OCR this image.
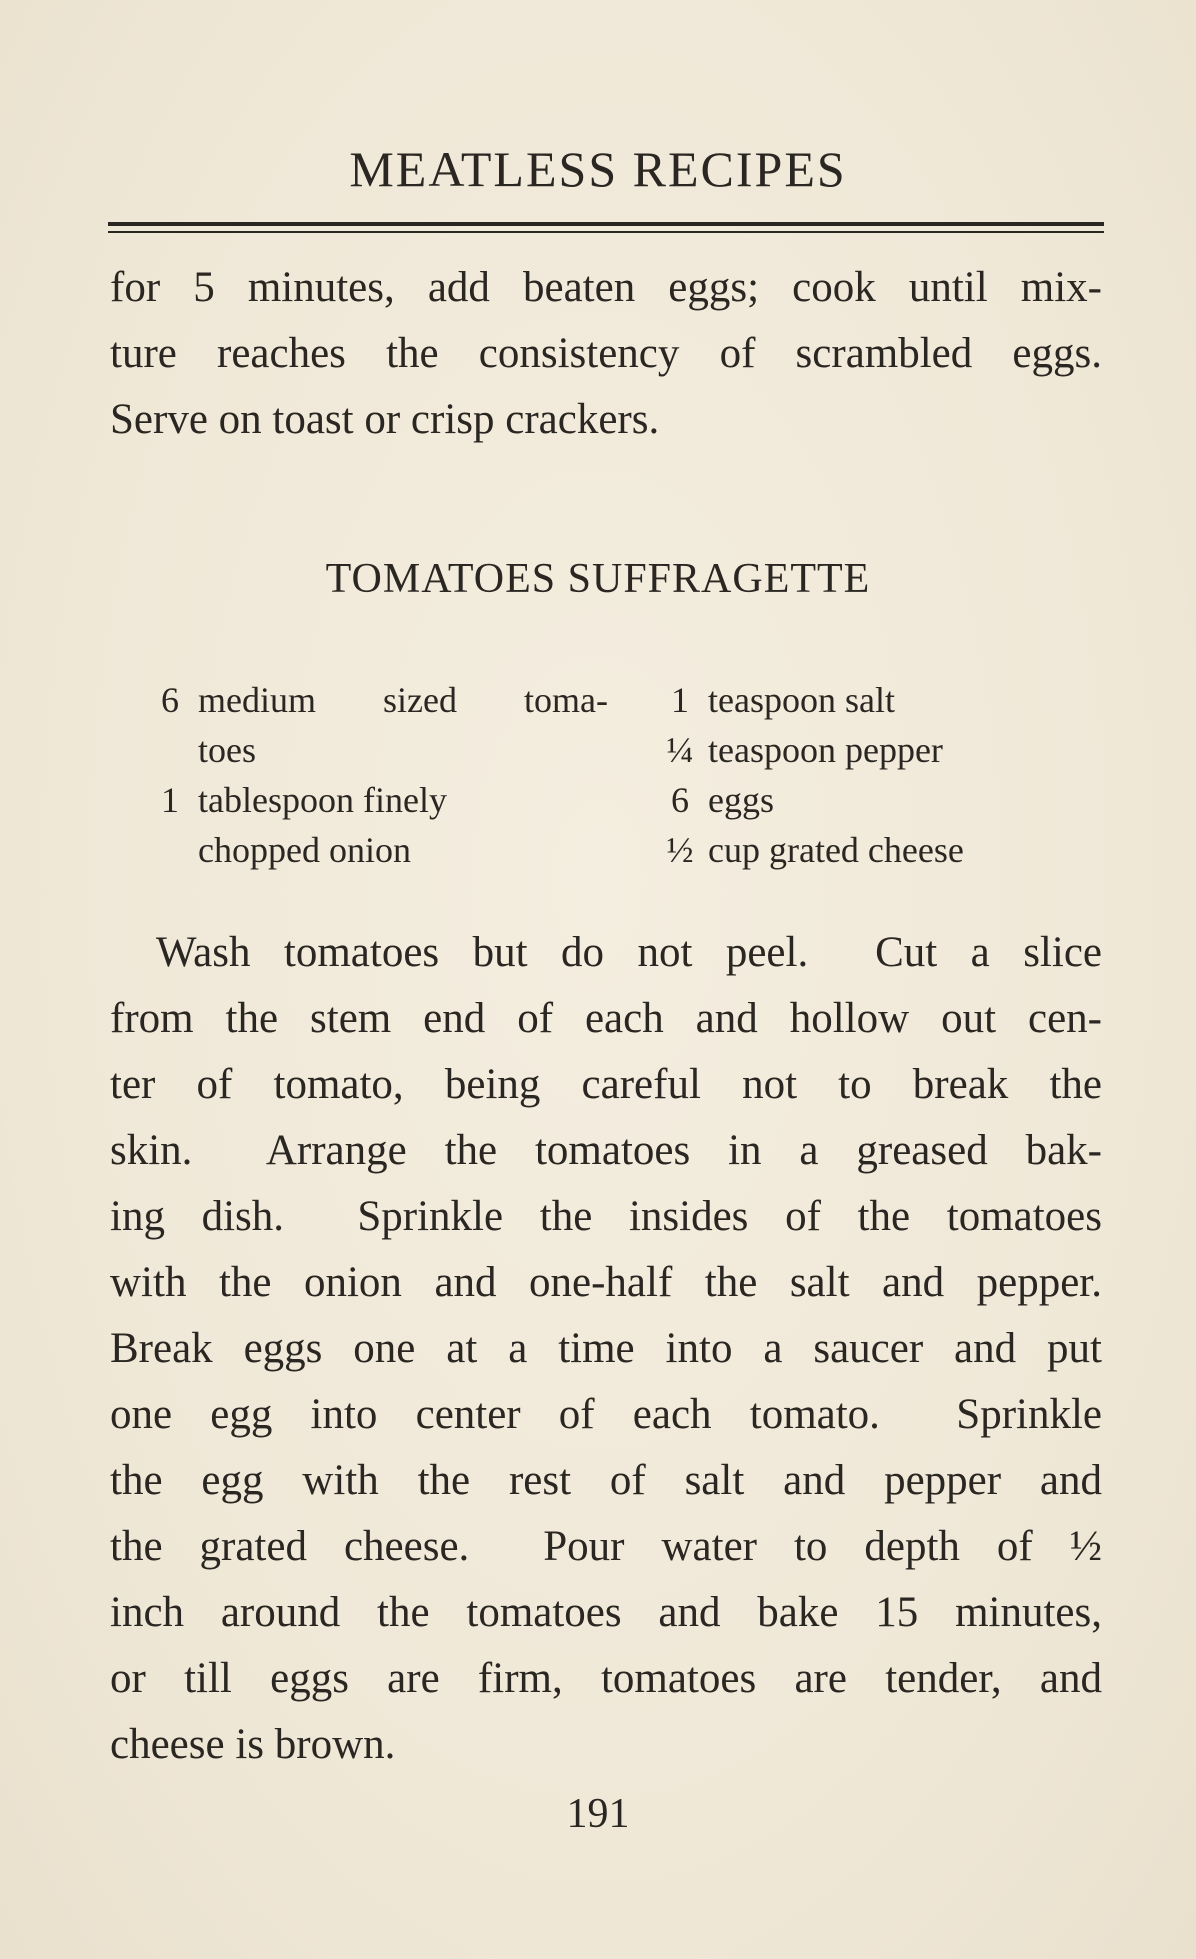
MEATLESS RECIPES
for 5 minutes, add beaten eggs; cook until mix-
ture reaches the consistency of scrambled eggs.
Serve on toast or crisp crackers.
TOMATOES SUFFRAGETTE
6 medium   sized   toma-
toes
1 tablespoon finely
chopped onion
1 teaspoon salt
¼ teaspoon pepper
6 eggs
½ cup grated cheese
Wash tomatoes but do not peel.  Cut a slice
from the stem end of each and hollow out cen-
ter of tomato, being careful not to break the
skin.  Arrange the tomatoes in a greased bak-
ing dish.  Sprinkle the insides of the tomatoes
with the onion and one-half the salt and pepper.
Break eggs one at a time into a saucer and put
one egg into center of each tomato.  Sprinkle
the egg with the rest of salt and pepper and
the grated cheese.  Pour water to depth of ½
inch around the tomatoes and bake 15 minutes,
or till eggs are firm, tomatoes are tender, and
cheese is brown.
191
